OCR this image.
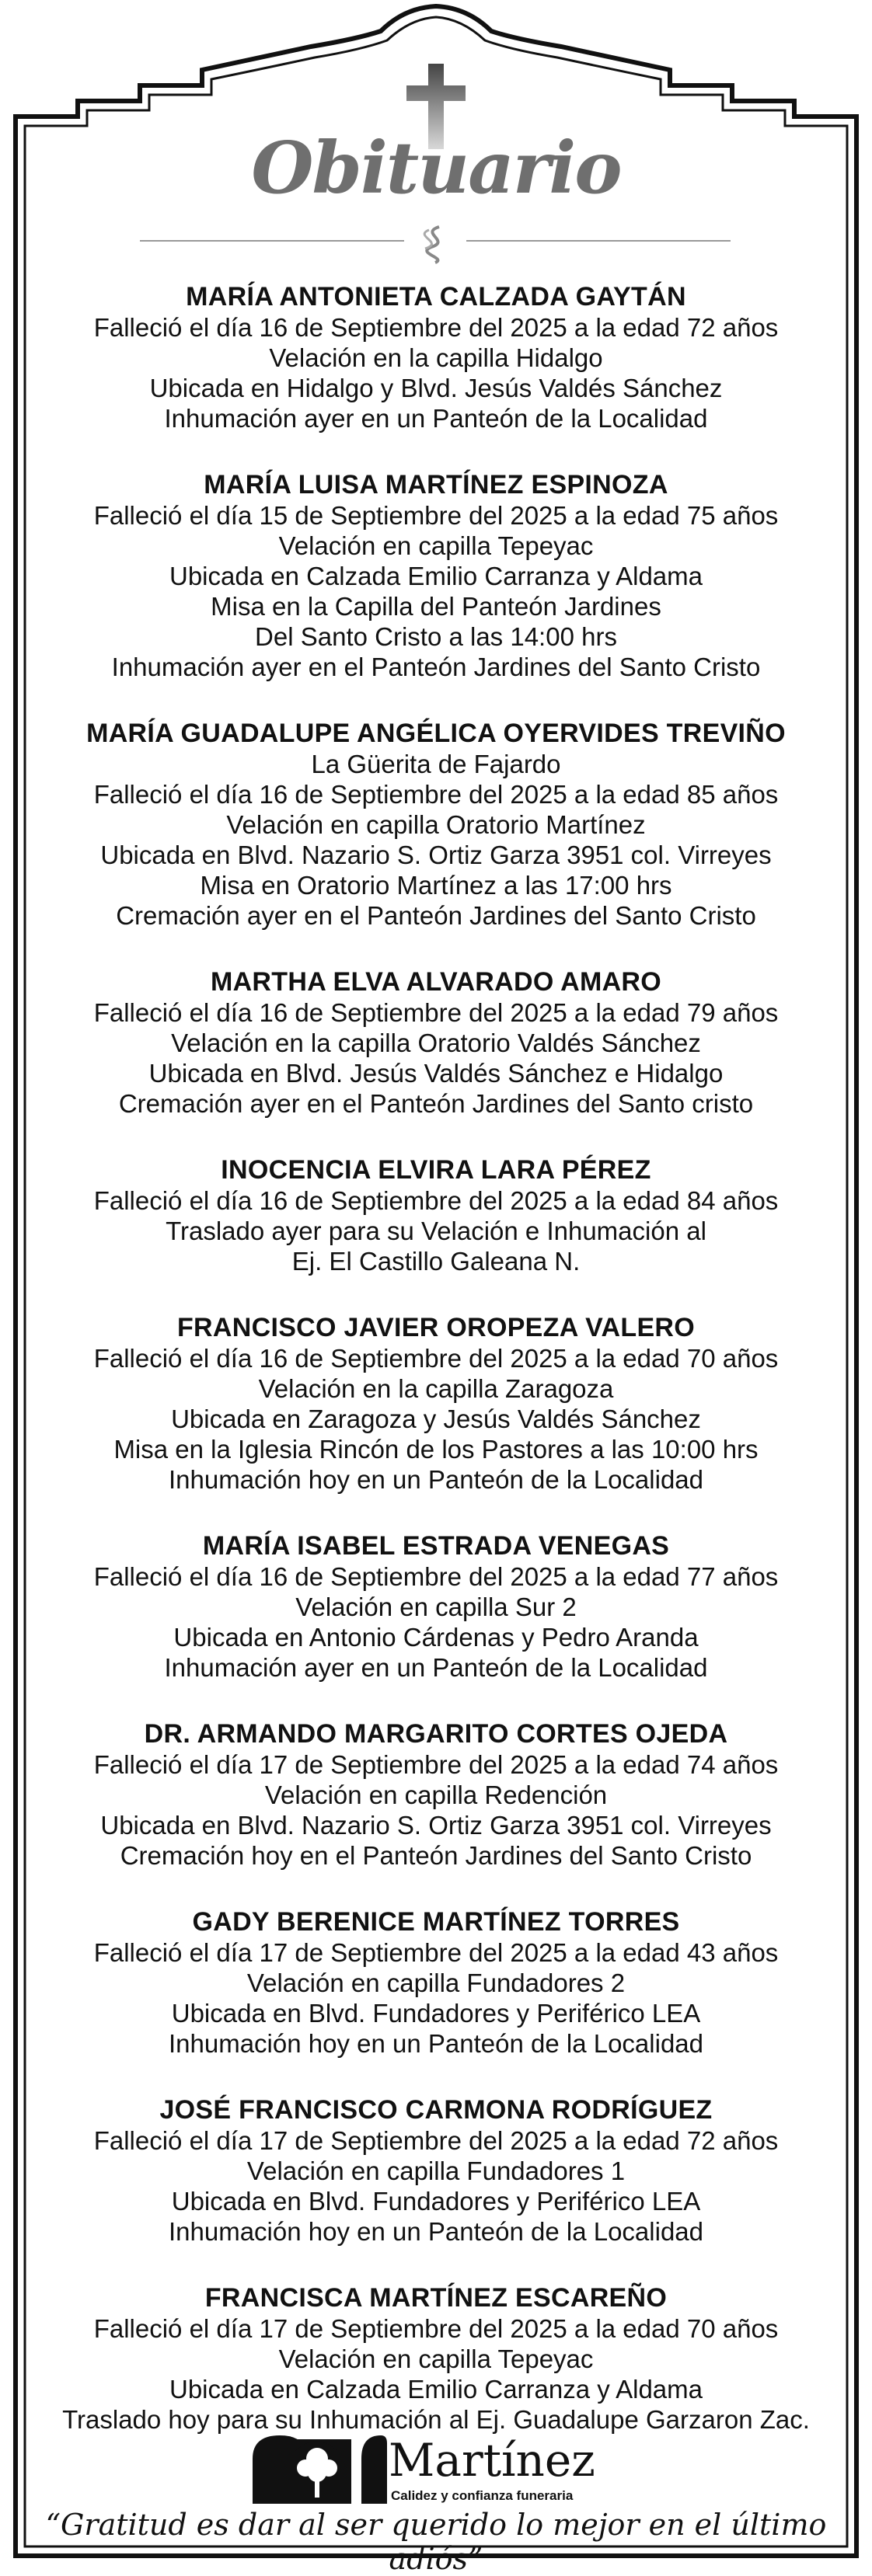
Obituario
MARÍA ANTONIETA CALZADA GAYTÁN
Falleció el día 16 de Septiembre del 2025 a la edad 72 años
Velación en la capilla Hidalgo
Ubicada en Hidalgo y Blvd. Jesús Valdés Sánchez
Inhumación ayer en un Panteón de la Localidad
MARÍA LUISA MARTÍNEZ ESPINOZA
Falleció el día 15 de Septiembre del 2025 a la edad 75 años
Velación en capilla Tepeyac
Ubicada en Calzada Emilio Carranza y Aldama
Misa en la Capilla del Panteón Jardines
Del Santo Cristo a las 14:00 hrs
Inhumación ayer en el Panteón Jardines del Santo Cristo
MARÍA GUADALUPE ANGÉLICA OYERVIDES TREVIÑO
La Güerita de Fajardo
Falleció el día 16 de Septiembre del 2025 a la edad 85 años
Velación en capilla Oratorio Martínez
Ubicada en Blvd. Nazario S. Ortiz Garza 3951 col. Virreyes
Misa en Oratorio Martínez a las 17:00 hrs
Cremación ayer en el Panteón Jardines del Santo Cristo
MARTHA ELVA ALVARADO AMARO
Falleció el día 16 de Septiembre del 2025 a la edad 79 años
Velación en la capilla Oratorio Valdés Sánchez
Ubicada en Blvd. Jesús Valdés Sánchez e Hidalgo
Cremación ayer en el Panteón Jardines del Santo cristo
INOCENCIA ELVIRA LARA PÉREZ
Falleció el día 16 de Septiembre del 2025 a la edad 84 años
Traslado ayer para su Velación e Inhumación al
Ej. El Castillo Galeana N.
FRANCISCO JAVIER OROPEZA VALERO
Falleció el día 16 de Septiembre del 2025 a la edad 70 años
Velación en la capilla Zaragoza
Ubicada en Zaragoza y Jesús Valdés Sánchez
Misa en la Iglesia Rincón de los Pastores a las 10:00 hrs
Inhumación hoy en un Panteón de la Localidad
MARÍA ISABEL ESTRADA VENEGAS
Falleció el día 16 de Septiembre del 2025 a la edad 77 años
Velación en capilla Sur 2
Ubicada en Antonio Cárdenas y Pedro Aranda
Inhumación ayer en un Panteón de la Localidad
DR. ARMANDO MARGARITO CORTES OJEDA
Falleció el día 17 de Septiembre del 2025 a la edad 74 años
Velación en capilla Redención
Ubicada en Blvd. Nazario S. Ortiz Garza 3951 col. Virreyes
Cremación hoy en el Panteón Jardines del Santo Cristo
GADY BERENICE MARTÍNEZ TORRES
Falleció el día 17 de Septiembre del 2025 a la edad 43 años
Velación en capilla Fundadores 2
Ubicada en Blvd. Fundadores y Periférico LEA
Inhumación hoy en un Panteón de la Localidad
JOSÉ FRANCISCO CARMONA RODRÍGUEZ
Falleció el día 17 de Septiembre del 2025 a la edad 72 años
Velación en capilla Fundadores 1
Ubicada en Blvd. Fundadores y Periférico LEA
Inhumación hoy en un Panteón de la Localidad
FRANCISCA MARTÍNEZ ESCAREÑO
Falleció el día 17 de Septiembre del 2025 a la edad 70 años
Velación en capilla Tepeyac
Ubicada en Calzada Emilio Carranza y Aldama
Traslado hoy para su Inhumación al Ej. Guadalupe Garzaron Zac.
Martínez
Calidez y confianza funeraria
“Gratitud es dar al ser querido lo mejor en el último adiós”
